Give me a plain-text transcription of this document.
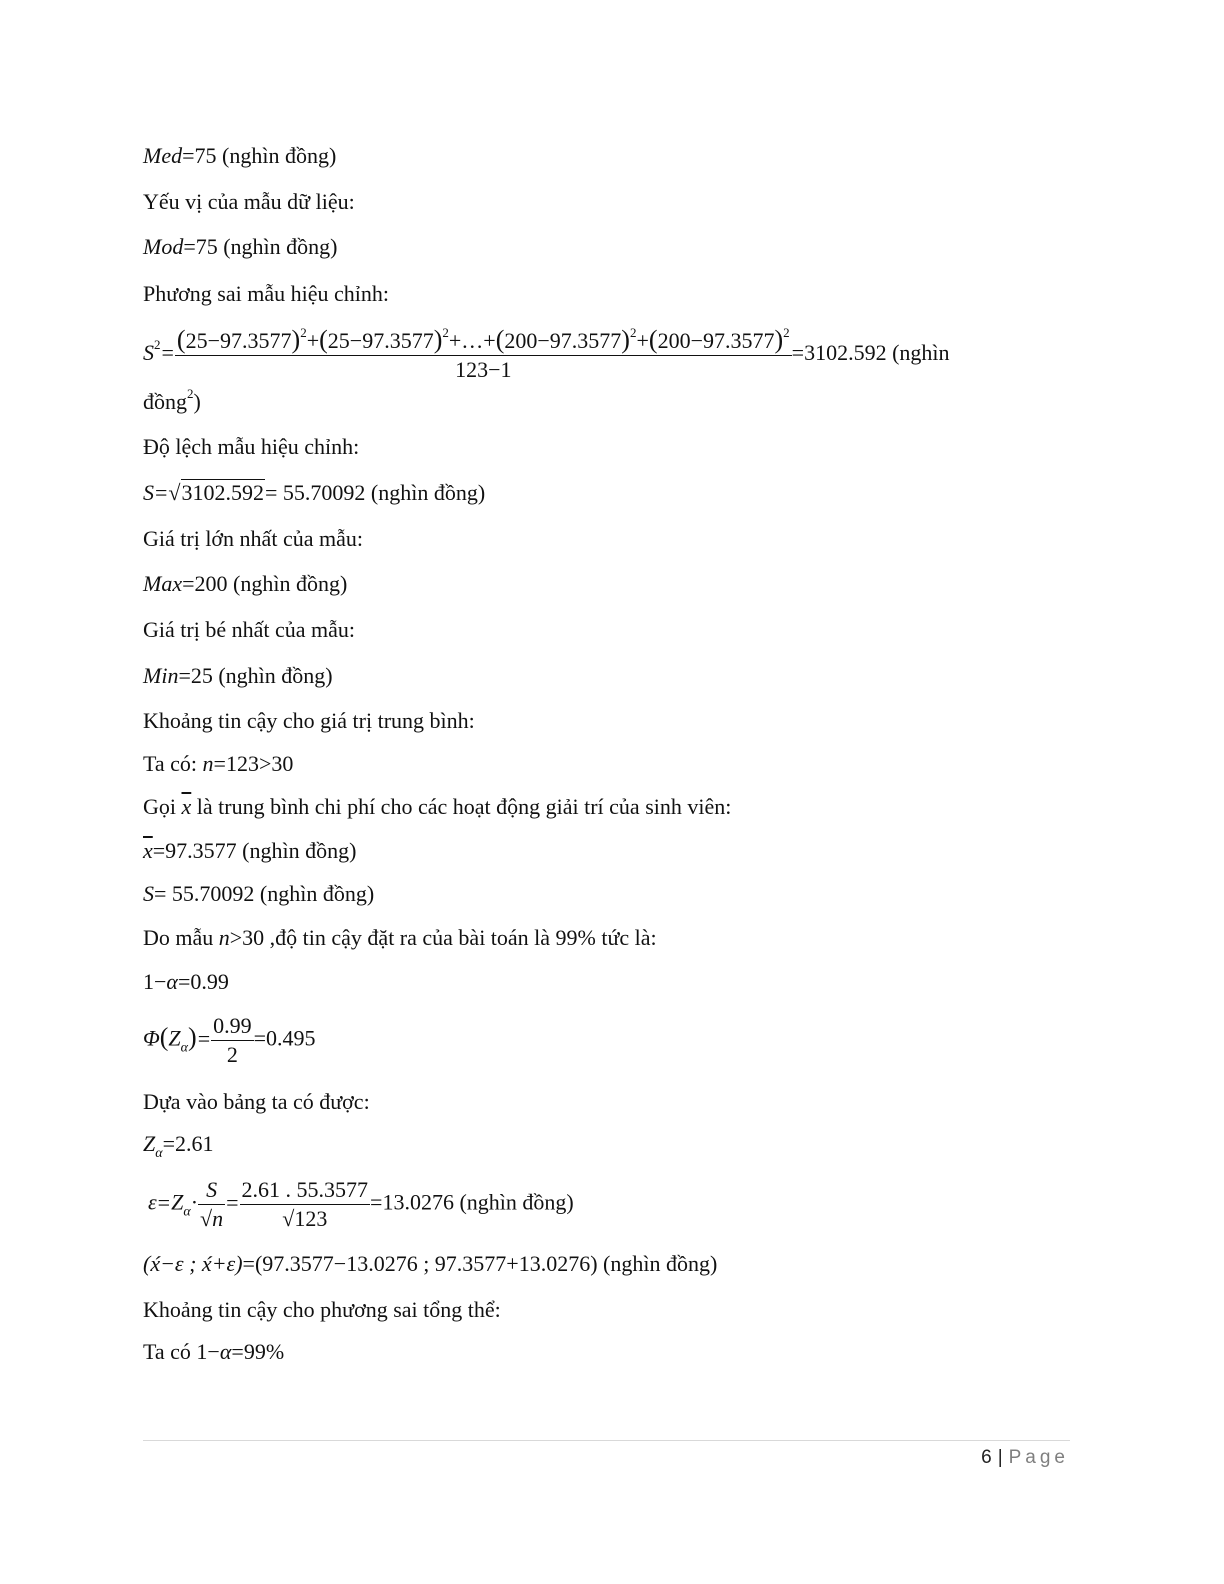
Med=75 (nghìn đồng)
Yếu vị của mẫu dữ liệu:
Mod=75 (nghìn đồng)
Phương sai mẫu hiệu chỉnh:
$S^2= \frac{(25-97.3577)^2+(25-97.3577)^2+\dots+(200-97.3577)^2+(200-97.3577)^2}{123-1} =3102.592$ (nghìn
đồng$^2$)
Độ lệch mẫu hiệu chỉnh:
S=√3102.592= 55.70092 (nghìn đồng)
Giá trị lớn nhất của mẫu:
Max=200 (nghìn đồng)
Giá trị bé nhất của mẫu:
Min=25 (nghìn đồng)
Khoảng tin cậy cho giá trị trung bình:
Ta có: n=123>30
Gọi $\overline{x}$ là trung bình chi phí cho các hoạt động giải trí của sinh viên:
$\overline{x}=97.3577$ (nghìn đồng)
S= 55.70092 (nghìn đồng)
Do mẫu n>30 ,độ tin cậy đặt ra của bài toán là 99% tức là:
1−α=0.99
$\Phi(Z_\alpha)= \frac{0.99}{2} =0.495$
Dựa vào bảng ta có được:
$Z_\alpha=2.61$
$\varepsilon=Z_\alpha\cdot \frac{S}{√n} = \frac{2.61 . 55.3577}{√123} =13.0276$ (nghìn đồng)
(x́−ε ; x́+ε)=(97.3577−13.0276 ; 97.3577+13.0276) (nghìn đồng)
Khoảng tin cậy cho phương sai tổng thể:
Ta có 1−α=99%
6 | Page
